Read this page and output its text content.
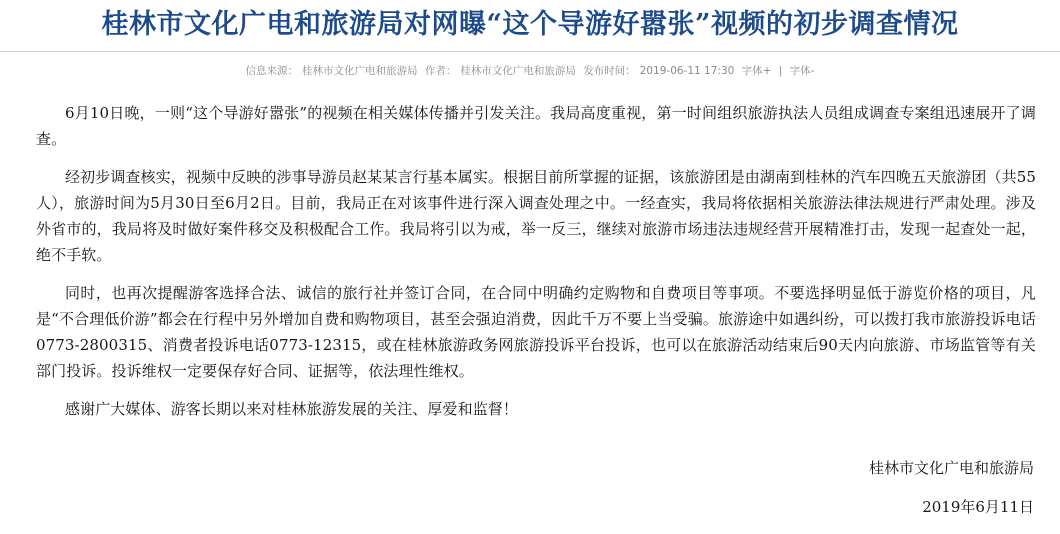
桂林市文化广电和旅游局对网曝“这个导游好嚣张”视频的初步调查情况
信息来源： 桂林市文化广电和旅游局 作者： 桂林市文化广电和旅游局 发布时间： 2019-06-11 17:30 字体+ | 字体-

6月10日晚，一则“这个导游好嚣张”的视频在相关媒体传播并引发关注。我局高度重视，第一时间组织旅游执法人员组成调查专案组迅速展开了调查。

经初步调查核实，视频中反映的涉事导游员赵某某言行基本属实。根据目前所掌握的证据，该旅游团是由湖南到桂林的汽车四晚五天旅游团（共55人），旅游时间为5月30日至6月2日。目前，我局正在对该事件进行深入调查处理之中。一经查实，我局将依据相关旅游法律法规进行严肃处理。涉及外省市的，我局将及时做好案件移交及积极配合工作。我局将引以为戒，举一反三，继续对旅游市场违法违规经营开展精准打击，发现一起查处一起，绝不手软。

同时，也再次提醒游客选择合法、诚信的旅行社并签订合同，在合同中明确约定购物和自费项目等事项。不要选择明显低于游览价格的项目，凡是“不合理低价游”都会在行程中另外增加自费和购物项目，甚至会强迫消费，因此千万不要上当受骗。旅游途中如遇纠纷，可以拨打我市旅游投诉电话0773-2800315、消费者投诉电话0773-12315，或在桂林旅游政务网旅游投诉平台投诉，也可以在旅游活动结束后90天内向旅游、市场监管等有关部门投诉。投诉维权一定要保存好合同、证据等，依法理性维权。

感谢广大媒体、游客长期以来对桂林旅游发展的关注、厚爱和监督！

桂林市文化广电和旅游局
2019年6月11日
